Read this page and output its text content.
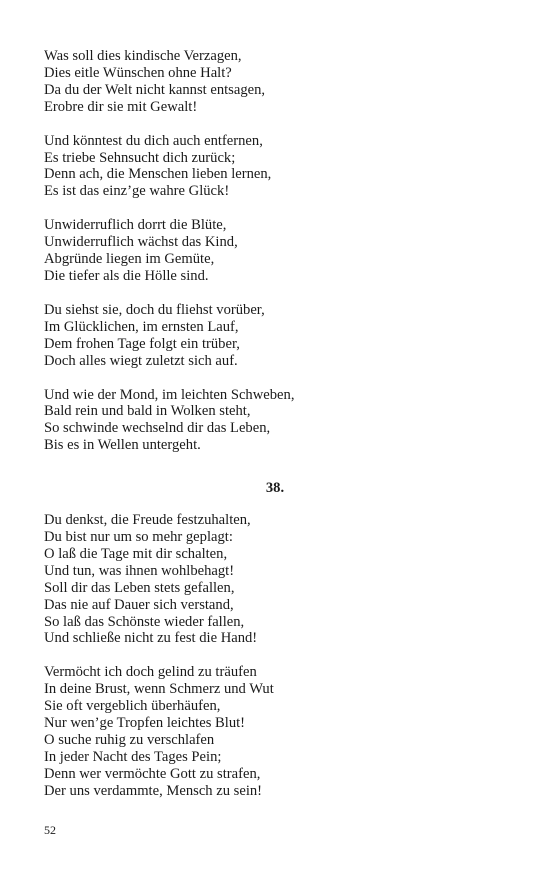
Was soll dies kindische Verzagen,
Dies eitle Wünschen ohne Halt?
Da du der Welt nicht kannst entsagen,
Erobre dir sie mit Gewalt!
Und könntest du dich auch entfernen,
Es triebe Sehnsucht dich zurück;
Denn ach, die Menschen lieben lernen,
Es ist das einz’ge wahre Glück!
Unwiderruflich dorrt die Blüte,
Unwiderruflich wächst das Kind,
Abgründe liegen im Gemüte,
Die tiefer als die Hölle sind.
Du siehst sie, doch du fliehst vorüber,
Im Glücklichen, im ernsten Lauf,
Dem frohen Tage folgt ein trüber,
Doch alles wiegt zuletzt sich auf.
Und wie der Mond, im leichten Schweben,
Bald rein und bald in Wolken steht,
So schwinde wechselnd dir das Leben,
Bis es in Wellen untergeht.
38.
Du denkst, die Freude festzuhalten,
Du bist nur um so mehr geplagt:
O laß die Tage mit dir schalten,
Und tun, was ihnen wohlbehagt!
Soll dir das Leben stets gefallen,
Das nie auf Dauer sich verstand,
So laß das Schönste wieder fallen,
Und schließe nicht zu fest die Hand!
Vermöcht ich doch gelind zu träufen
In deine Brust, wenn Schmerz und Wut
Sie oft vergeblich überhäufen,
Nur wen’ge Tropfen leichtes Blut!
O suche ruhig zu verschlafen
In jeder Nacht des Tages Pein;
Denn wer vermöchte Gott zu strafen,
Der uns verdammte, Mensch zu sein!
52
